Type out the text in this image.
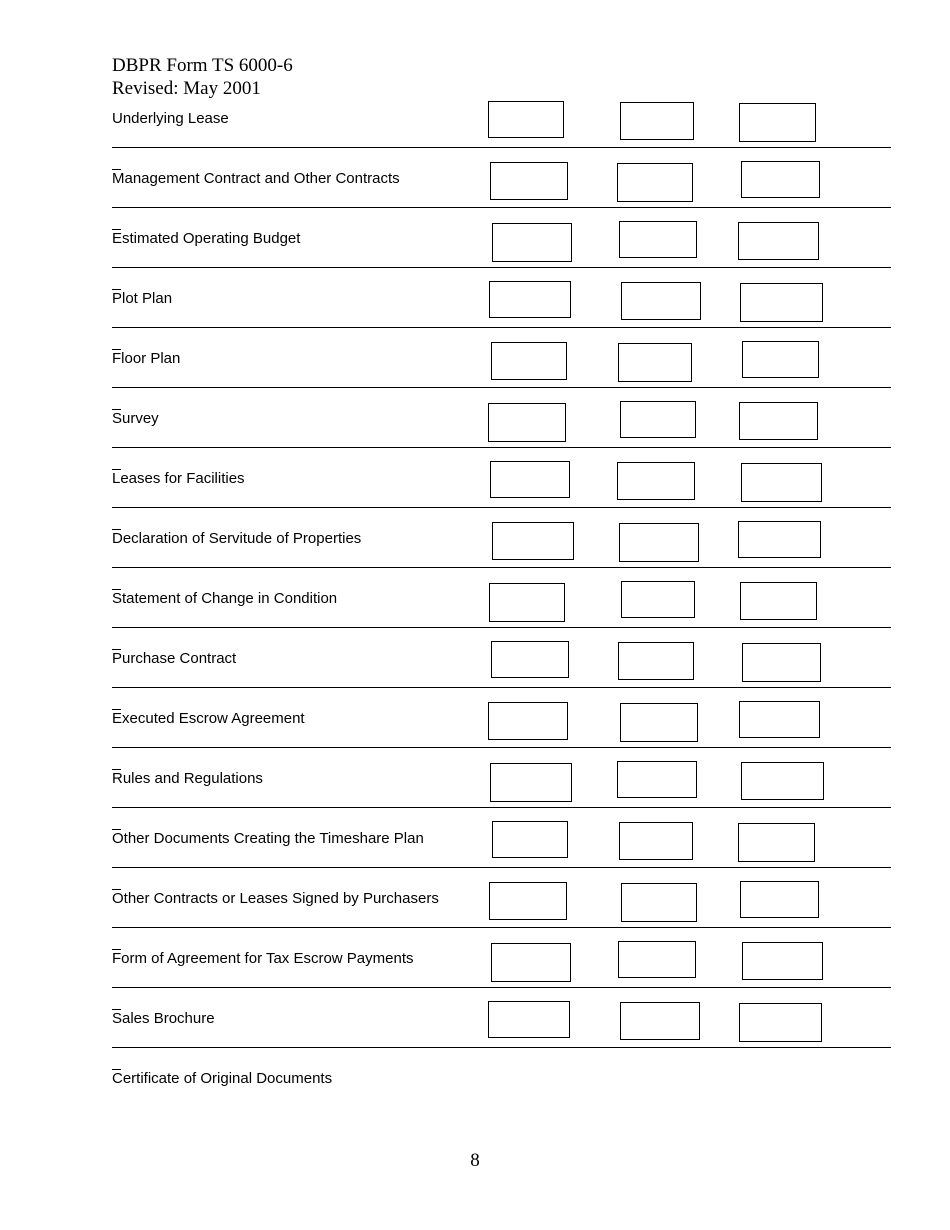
DBPR Form TS 6000-6
Revised: May 2001
Underlying Lease
Management Contract and Other Contracts
Estimated Operating Budget
Plot Plan
Floor Plan
Survey
Leases for Facilities
Declaration of Servitude of Properties
Statement of Change in Condition
Purchase Contract
Executed Escrow Agreement
Rules and Regulations
Other Documents Creating the Timeshare Plan
Other Contracts or Leases Signed by Purchasers
Form of Agreement for Tax Escrow Payments
Sales Brochure
Certificate of Original Documents
8
